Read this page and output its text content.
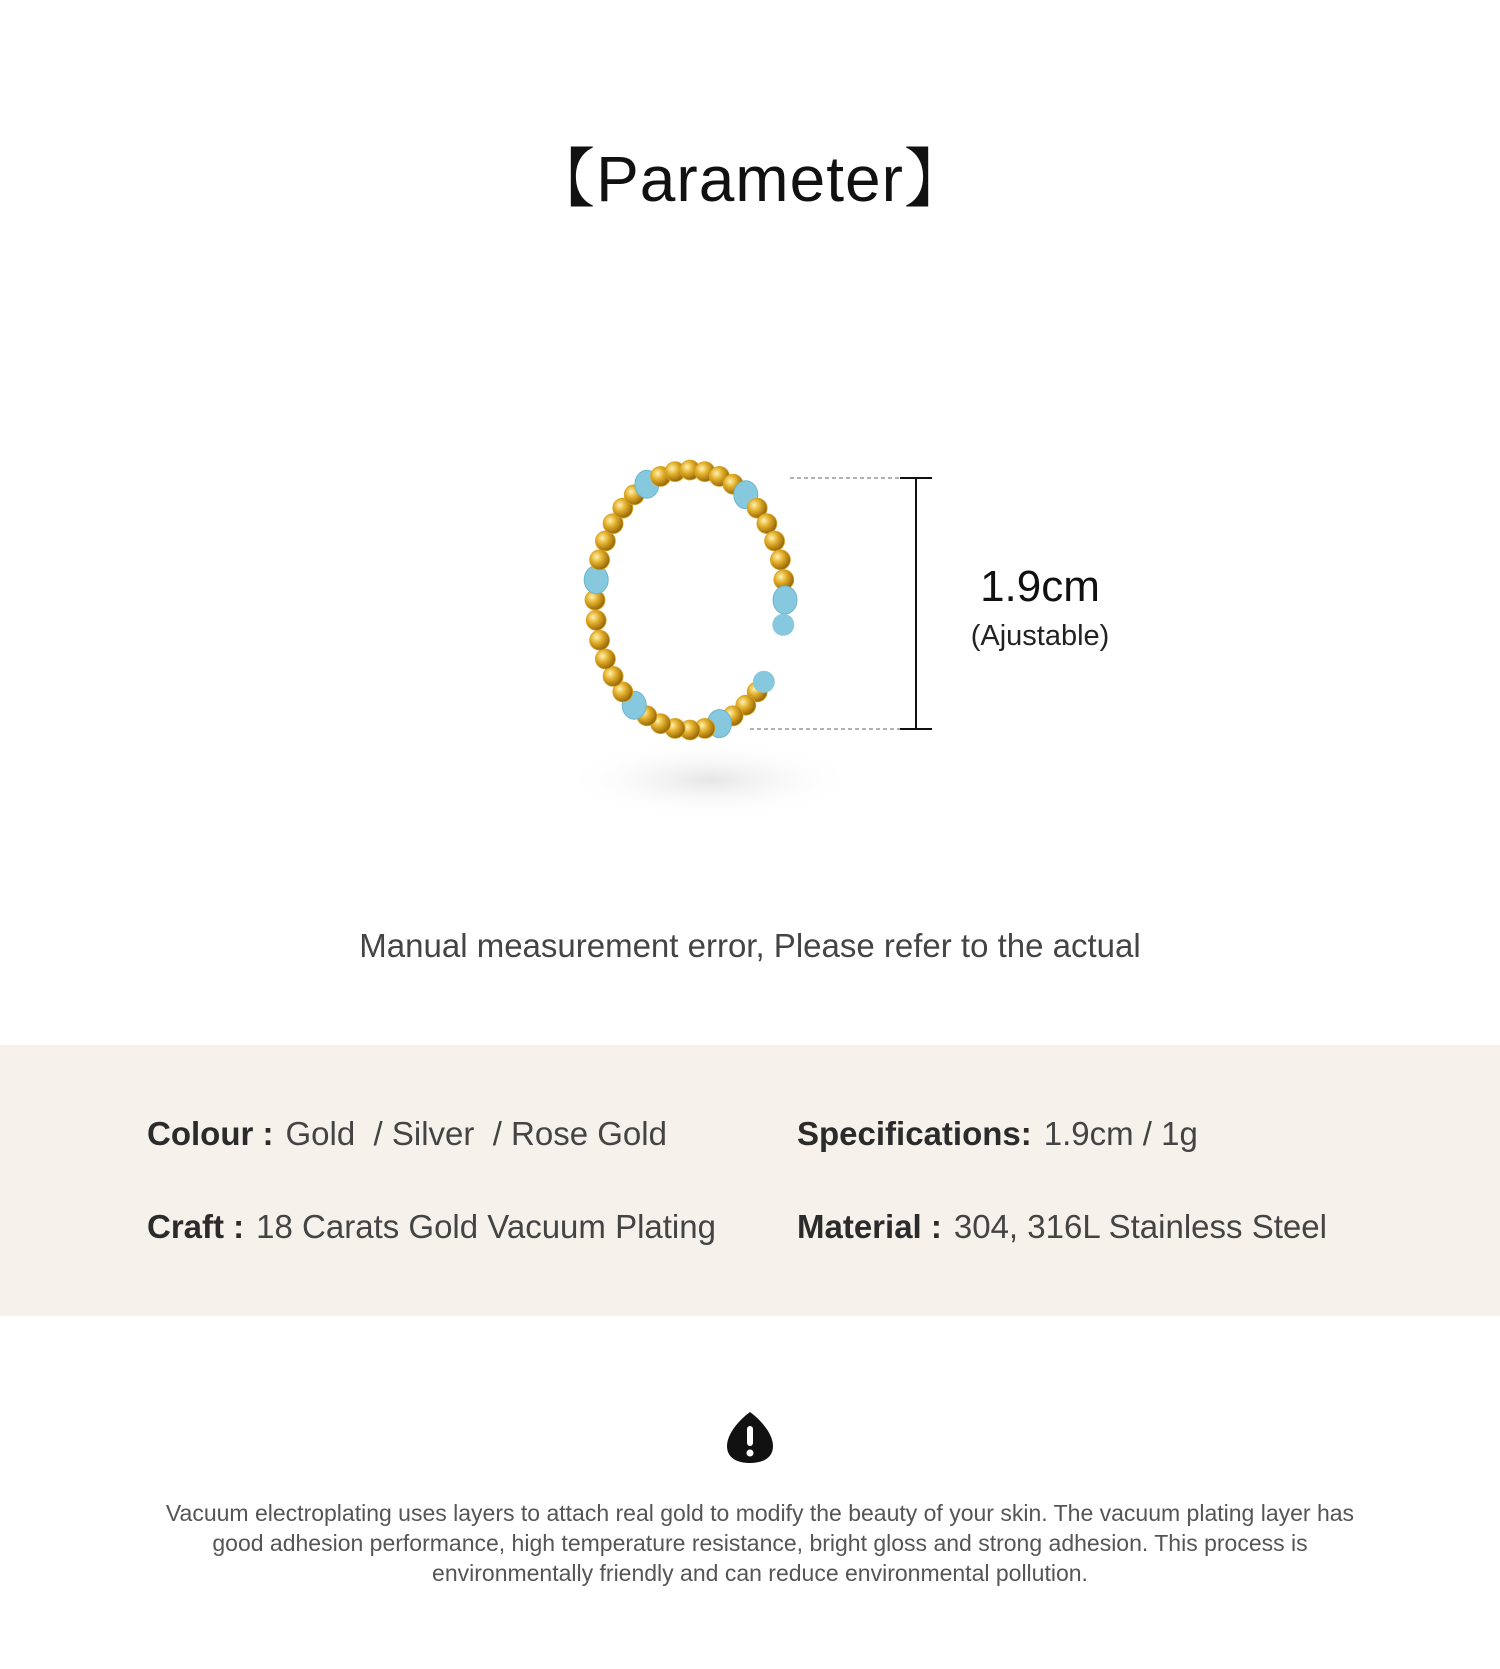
【Parameter】
1.9cm
(Ajustable)
Manual measurement error, Please refer to the actual
Colour : Gold  / Silver  / Rose Gold	Specifications: 1.9cm / 1g
Craft : 18 Carats Gold Vacuum Plating Material : 304, 316L Stainless Steel
Vacuum electroplating uses layers to attach real gold to modify the beauty of your skin. The vacuum plating layer has good adhesion performance, high temperature resistance, bright gloss and strong adhesion. This process is environmentally friendly and can reduce environmental pollution.
